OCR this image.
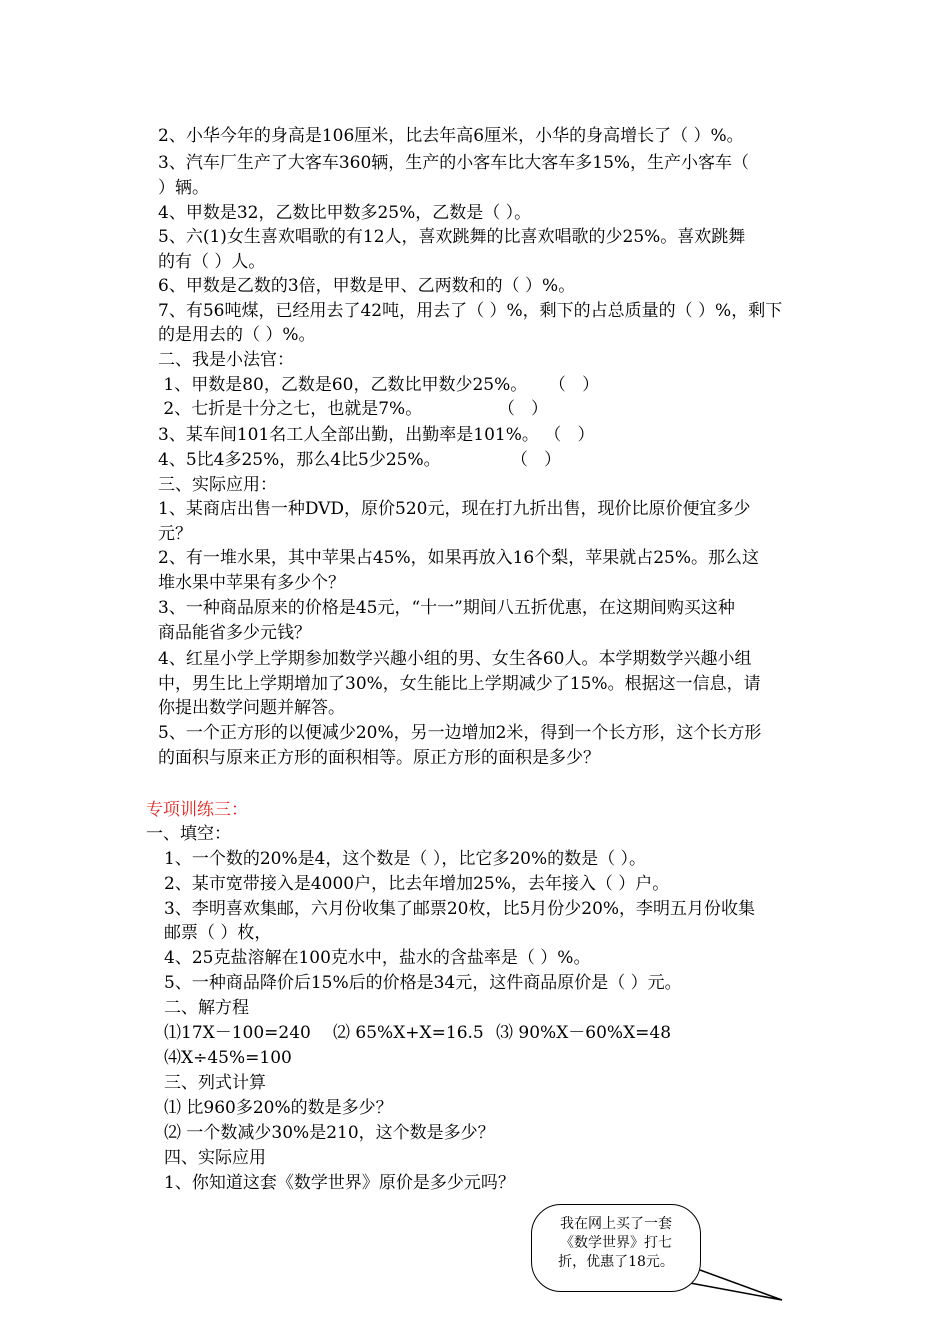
2、小华今年的身高是106厘米，比去年高6厘米，小华的身高增长了（ ）%。
3、汽车厂生产了大客车360辆，生产的小客车比大客车多15%，生产小客车（
）辆。
4、甲数是32，乙数比甲数多25%，乙数是（ ）。
5、六(1)女生喜欢唱歌的有12人，喜欢跳舞的比喜欢唱歌的少25%。喜欢跳舞
的有（ ）人。
6、甲数是乙数的3倍，甲数是甲、乙两数和的（ ）%。
7、有56吨煤，已经用去了42吨，用去了（ ）%，剩下的占总质量的（ ）%，剩下
的是用去的（ ）%。
二、我是小法官：
1、甲数是80，乙数是60，乙数比甲数少25%。    （   ）
2、七折是十分之七，也就是7%。              （   ）
3、某车间101名工人全部出勤，出勤率是101%。 （   ）
4、5比4多25%，那么4比5少25%。             （   ）
三、实际应用：
1、某商店出售一种DVD，原价520元，现在打九折出售，现价比原价便宜多少
元？
2、有一堆水果，其中苹果占45%，如果再放入16个梨，苹果就占25%。那么这
堆水果中苹果有多少个？
3、一种商品原来的价格是45元，“十一”期间八五折优惠，在这期间购买这种
商品能省多少元钱？
4、红星小学上学期参加数学兴趣小组的男、女生各60人。本学期数学兴趣小组
中，男生比上学期增加了30%，女生能比上学期减少了15%。根据这一信息，请
你提出数学问题并解答。
5、一个正方形的以便减少20%，另一边增加2米，得到一个长方形，这个长方形
的面积与原来正方形的面积相等。原正方形的面积是多少？
专项训练三：
一、填空：
1、一个数的20%是4，这个数是（ ），比它多20%的数是（ ）。
2、某市宽带接入是4000户，比去年增加25%，去年接入（ ）户。
3、李明喜欢集邮，六月份收集了邮票20枚，比5月份少20%，李明五月份收集
邮票（ ）枚，
4、25克盐溶解在100克水中，盐水的含盐率是（ ）%。
5、一种商品降价后15%后的价格是34元，这件商品原价是（ ）元。
二、解方程
⑴17X－100=240 ⑵ 65%X+X=16.5 ⑶ 90%X－60%X=48
⑷X÷45%=100
三、列式计算
⑴ 比960多20%的数是多少？
⑵ 一个数减少30%是210，这个数是多少？
四、实际应用
1、你知道这套《数学世界》原价是多少元吗？
我在网上买了一套
《数学世界》打七
折，优惠了18元。
